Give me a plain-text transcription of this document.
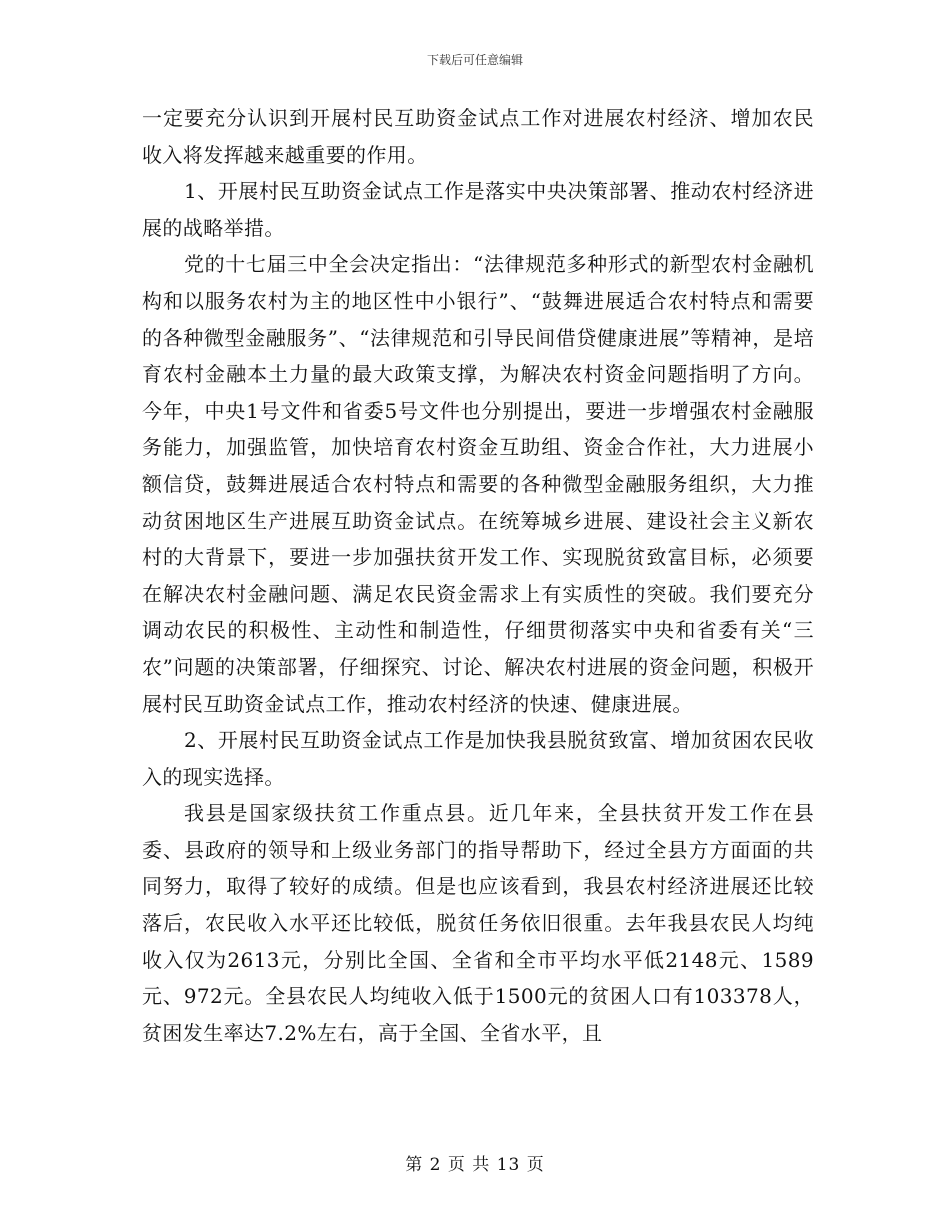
下载后可任意编辑

一定要充分认识到开展村民互助资金试点工作对进展农村经济、增加农民收入将发挥越来越重要的作用。

1、开展村民互助资金试点工作是落实中央决策部署、推动农村经济进展的战略举措。

党的十七届三中全会决定指出：“法律规范多种形式的新型农村金融机构和以服务农村为主的地区性中小银行”、“鼓舞进展适合农村特点和需要的各种微型金融服务”、“法律规范和引导民间借贷健康进展”等精神，是培育农村金融本土力量的最大政策支撑，为解决农村资金问题指明了方向。今年，中央1号文件和省委5号文件也分别提出，要进一步增强农村金融服务能力，加强监管，加快培育农村资金互助组、资金合作社，大力进展小额信贷，鼓舞进展适合农村特点和需要的各种微型金融服务组织，大力推动贫困地区生产进展互助资金试点。在统筹城乡进展、建设社会主义新农村的大背景下，要进一步加强扶贫开发工作、实现脱贫致富目标，必须要在解决农村金融问题、满足农民资金需求上有实质性的突破。我们要充分调动农民的积极性、主动性和制造性，仔细贯彻落实中央和省委有关“三农”问题的决策部署，仔细探究、讨论、解决农村进展的资金问题，积极开展村民互助资金试点工作，推动农村经济的快速、健康进展。

2、开展村民互助资金试点工作是加快我县脱贫致富、增加贫困农民收入的现实选择。

我县是国家级扶贫工作重点县。近几年来，全县扶贫开发工作在县委、县政府的领导和上级业务部门的指导帮助下，经过全县方方面面的共同努力，取得了较好的成绩。但是也应该看到，我县农村经济进展还比较落后，农民收入水平还比较低，脱贫任务依旧很重。去年我县农民人均纯收入仅为2613元，分别比全国、全省和全市平均水平低2148元、1589元、972元。全县农民人均纯收入低于1500元的贫困人口有103378人，贫困发生率达7.2%左右，高于全国、全省水平，且

第 2 页 共 13 页
